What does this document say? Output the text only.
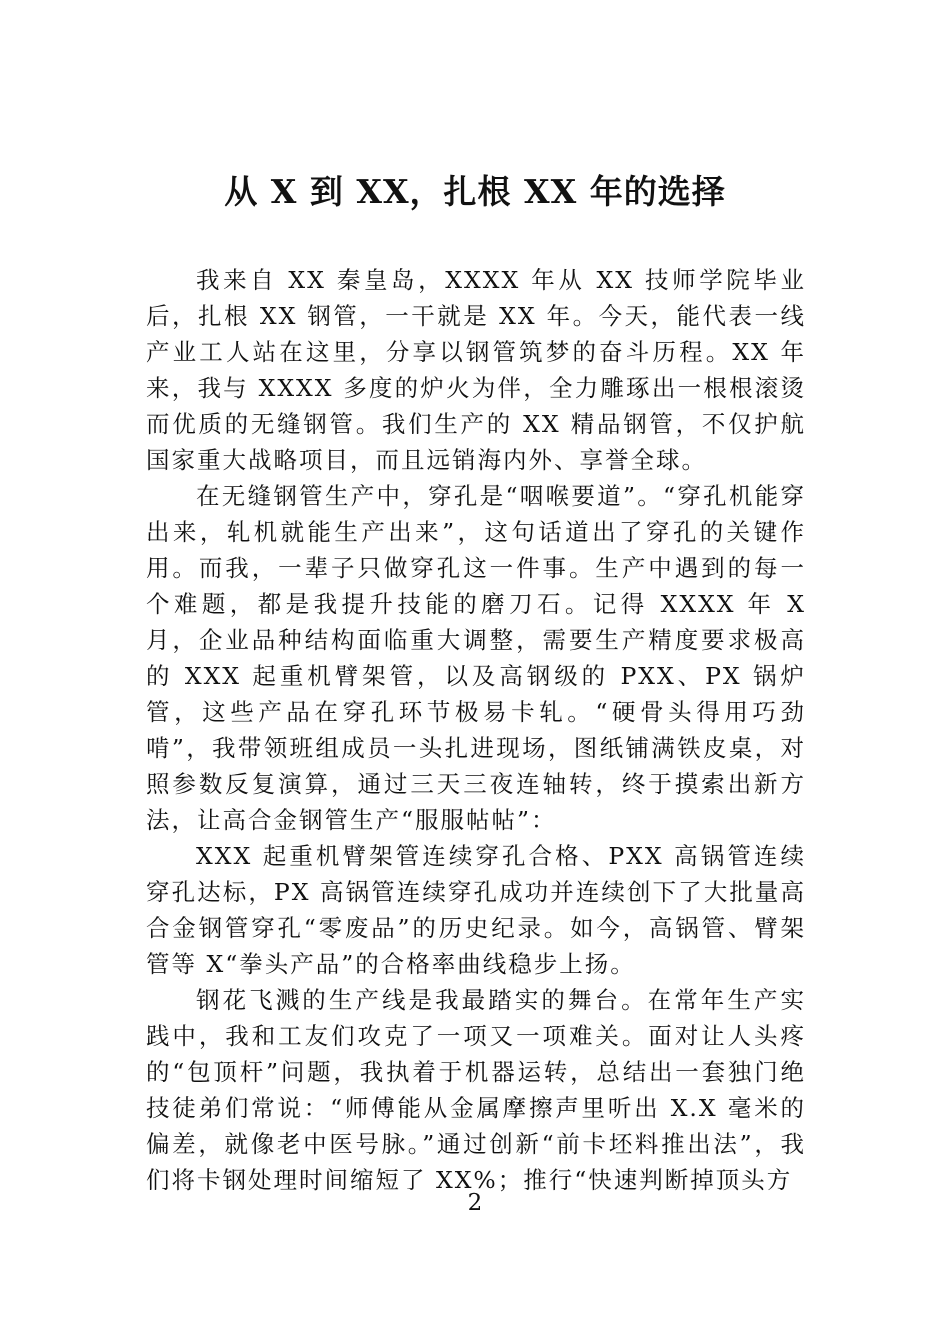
从 X 到 XX，扎根 XX 年的选择

我来自 XX 秦皇岛，XXXX 年从 XX 技师学院毕业后，扎根 XX 钢管，一干就是 XX 年。今天，能代表一线产业工人站在这里，分享以钢管筑梦的奋斗历程。XX 年来，我与 XXXX 多度的炉火为伴，全力雕琢出一根根滚烫而优质的无缝钢管。我们生产的 XX 精品钢管，不仅护航国家重大战略项目，而且远销海内外、享誉全球。

在无缝钢管生产中，穿孔是“咽喉要道”。“穿孔机能穿出来，轧机就能生产出来”，这句话道出了穿孔的关键作用。而我，一辈子只做穿孔这一件事。生产中遇到的每一个难题，都是我提升技能的磨刀石。记得 XXXX 年 X 月，企业品种结构面临重大调整，需要生产精度要求极高的 XXX 起重机臂架管，以及高钢级的 PXX、PX 锅炉管，这些产品在穿孔环节极易卡轧。“硬骨头得用巧劲啃”，我带领班组成员一头扎进现场，图纸铺满铁皮桌，对照参数反复演算，通过三天三夜连轴转，终于摸索出新方法，让高合金钢管生产“服服帖帖”：

XXX 起重机臂架管连续穿孔合格、PXX 高锅管连续穿孔达标，PX 高锅管连续穿孔成功并连续创下了大批量高合金钢管穿孔“零废品”的历史纪录。如今，高锅管、臂架管等 X“拳头产品”的合格率曲线稳步上扬。

钢花飞溅的生产线是我最踏实的舞台。在常年生产实践中，我和工友们攻克了一项又一项难关。面对让人头疼的“包顶杆”问题，我执着于机器运转，总结出一套独门绝技徒弟们常说：“师傅能从金属摩擦声里听出 X.X 毫米的偏差，就像老中医号脉。”通过创新“前卡坯料推出法”，我们将卡钢处理时间缩短了 XX%；推行“快速判断掉顶头方

2
